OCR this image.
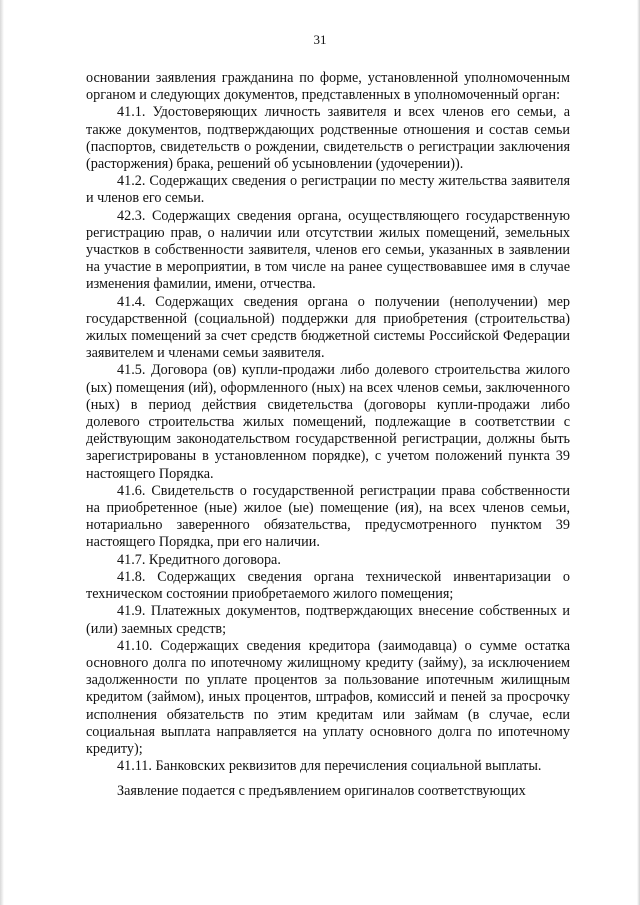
31

основании заявления гражданина по форме, установленной уполномоченным органом и следующих документов, представленных в уполномоченный орган:

41.1. Удостоверяющих личность заявителя и всех членов его семьи, а также документов, подтверждающих родственные отношения и состав семьи (паспортов, свидетельств о рождении, свидетельств о регистрации заключения (расторжения) брака, решений об усыновлении (удочерении)).

41.2. Содержащих сведения о регистрации по месту жительства заявителя и членов его семьи.

42.3. Содержащих сведения органа, осуществляющего государственную регистрацию прав, о наличии или отсутствии жилых помещений, земельных участков в собственности заявителя, членов его семьи, указанных в заявлении на участие в мероприятии, в том числе на ранее существовавшее имя в случае изменения фамилии, имени, отчества.

41.4. Содержащих сведения органа о получении (неполучении) мер государственной (социальной) поддержки для приобретения (строительства) жилых помещений за счет средств бюджетной системы Российской Федерации заявителем и членами семьи заявителя.

41.5. Договора (ов) купли-продажи либо долевого строительства жилого (ых) помещения (ий), оформленного (ных) на всех членов семьи, заключенного (ных) в период действия свидетельства (договоры купли-продажи либо долевого строительства жилых помещений, подлежащие в соответствии с действующим законодательством государственной регистрации, должны быть зарегистрированы в установленном порядке), с учетом положений пункта 39 настоящего Порядка.

41.6. Свидетельств о государственной регистрации права собственности на приобретенное (ные) жилое (ые) помещение (ия), на всех членов семьи, нотариально заверенного обязательства, предусмотренного пунктом 39 настоящего Порядка, при его наличии.

41.7. Кредитного договора.

41.8. Содержащих сведения органа технической инвентаризации о техническом состоянии приобретаемого жилого помещения;

41.9. Платежных документов, подтверждающих внесение собственных и (или) заемных средств;

41.10. Содержащих сведения кредитора (заимодавца) о сумме остатка основного долга по ипотечному жилищному кредиту (займу), за исключением задолженности по уплате процентов за пользование ипотечным жилищным кредитом (займом), иных процентов, штрафов, комиссий и пеней за просрочку исполнения обязательств по этим кредитам или займам (в случае, если социальная выплата направляется на уплату основного долга по ипотечному кредиту);

41.11. Банковских реквизитов для перечисления социальной выплаты.

Заявление подается с предъявлением оригиналов соответствующих
